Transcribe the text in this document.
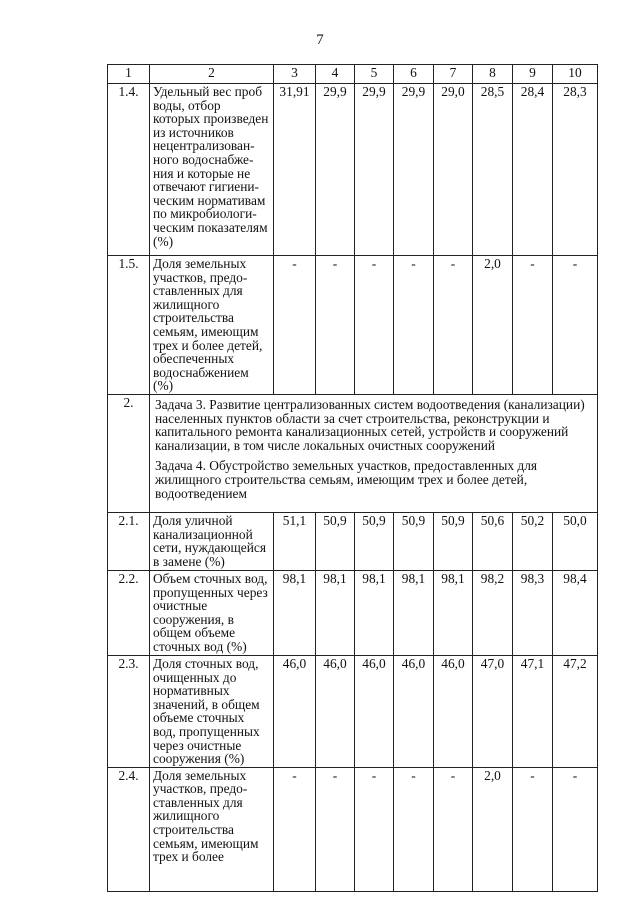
7
1	2	3	4	5	6	7	8	9	10
1.4.	Удельный вес проб воды, отбор которых произведен из источников нецентрализован-ного водоснабже-ния и которые не отвечают гигиени-ческим нормативам по микробиологи-ческим показателям (%)	31,91	29,9	29,9	29,9	29,0	28,5	28,4	28,3
1.5.	Доля земельных участков, предо-ставленных для жилищного строительства семьям, имеющим трех и более детей, обеспеченных водоснабжением (%)	-	-	-	-	-	2,0	-	-
2.	Задача 3. Развитие централизованных систем водоотведения (канализации) населенных пунктов области за счет строительства, реконструкции и капитального ремонта канализационных сетей, устройств и сооружений канализации, в том числе локальных очистных сооружений
Задача 4. Обустройство земельных участков, предоставленных для жилищного строительства семьям, имеющим трех и более детей, водоотведением								

2.1.	Доля уличной канализационной сети, нуждающейся в замене (%)	51,1	50,9	50,9	50,9	50,9	50,6	50,2	50,0
2.2.	Объем сточных вод, пропущенных через очистные сооружения, в общем объеме сточных вод (%)	98,1	98,1	98,1	98,1	98,1	98,2	98,3	98,4
2.3.	Доля сточных вод, очищенных до нормативных значений, в общем объеме сточных вод, пропущенных через очистные сооружения (%)	46,0	46,0	46,0	46,0	46,0	47,0	47,1	47,2
2.4.	Доля земельных участков, предо-ставленных для жилищного строительства семьям, имеющим трех и более	-	-	-	-	-	2,0	-	-
